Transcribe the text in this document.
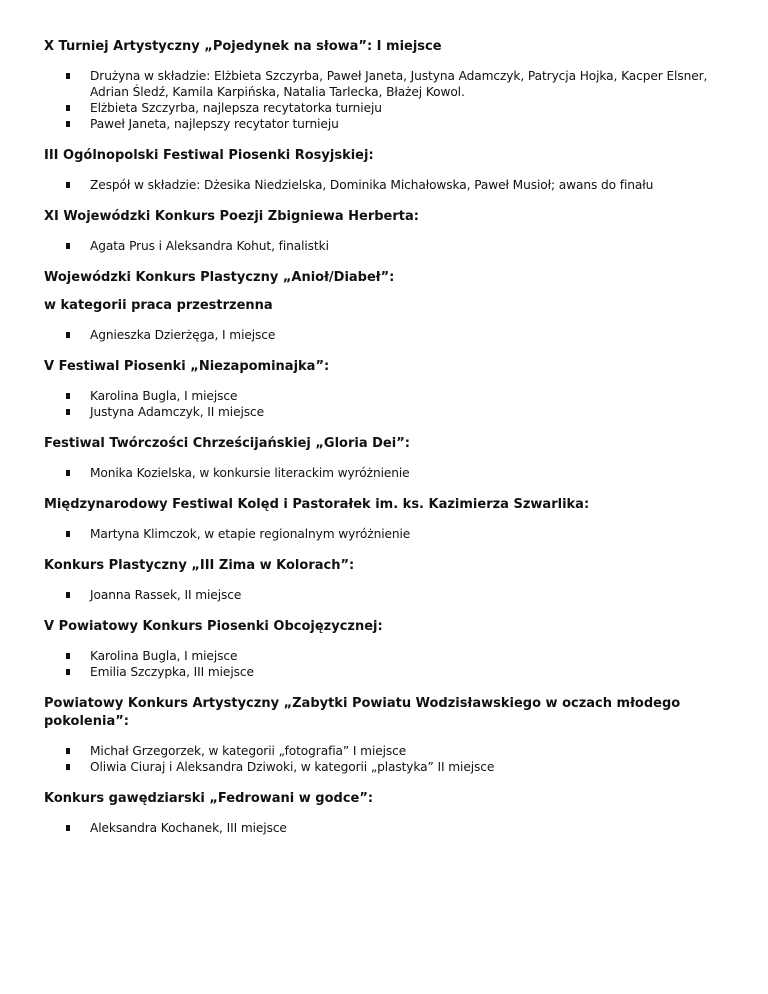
X Turniej Artystyczny „Pojedynek na słowa”: I miejsce
Drużyna w składzie: Elżbieta Szczyrba, Paweł Janeta, Justyna Adamczyk, Patrycja Hojka, Kacper Elsner, Adrian Śledź, Kamila Karpińska, Natalia Tarlecka, Błażej Kowol.
Elżbieta Szczyrba, najlepsza recytatorka turnieju
Paweł Janeta, najlepszy recytator turnieju
III Ogólnopolski Festiwal Piosenki Rosyjskiej:
Zespół w składzie: Dżesika Niedzielska, Dominika Michałowska, Paweł Musioł; awans do finału
XI Wojewódzki Konkurs Poezji Zbigniewa Herberta:
Agata Prus i Aleksandra Kohut, finalistki
Wojewódzki Konkurs Plastyczny „Anioł/Diabeł”:
w kategorii praca przestrzenna
Agnieszka Dzierżęga, I miejsce
V Festiwal Piosenki „Niezapominajka”:
Karolina Bugla, I miejsce
Justyna Adamczyk, II miejsce
Festiwal Twórczości Chrześcijańskiej „Gloria Dei”:
Monika Kozielska, w konkursie literackim wyróżnienie
Międzynarodowy Festiwal Kolęd i Pastorałek im. ks. Kazimierza Szwarlika:
Martyna Klimczok, w etapie regionalnym wyróżnienie
Konkurs Plastyczny „III Zima w Kolorach”:
Joanna Rassek, II miejsce
V Powiatowy Konkurs Piosenki Obcojęzycznej:
Karolina Bugla, I miejsce
Emilia Szczypka, III miejsce
Powiatowy Konkurs Artystyczny „Zabytki Powiatu Wodzisławskiego w oczach młodego pokolenia”:
Michał Grzegorzek, w kategorii „fotografia” I miejsce
Oliwia Ciuraj i Aleksandra Dziwoki, w kategorii „plastyka” II miejsce
Konkurs gawędziarski „Fedrowani w godce”:
Aleksandra Kochanek, III miejsce
